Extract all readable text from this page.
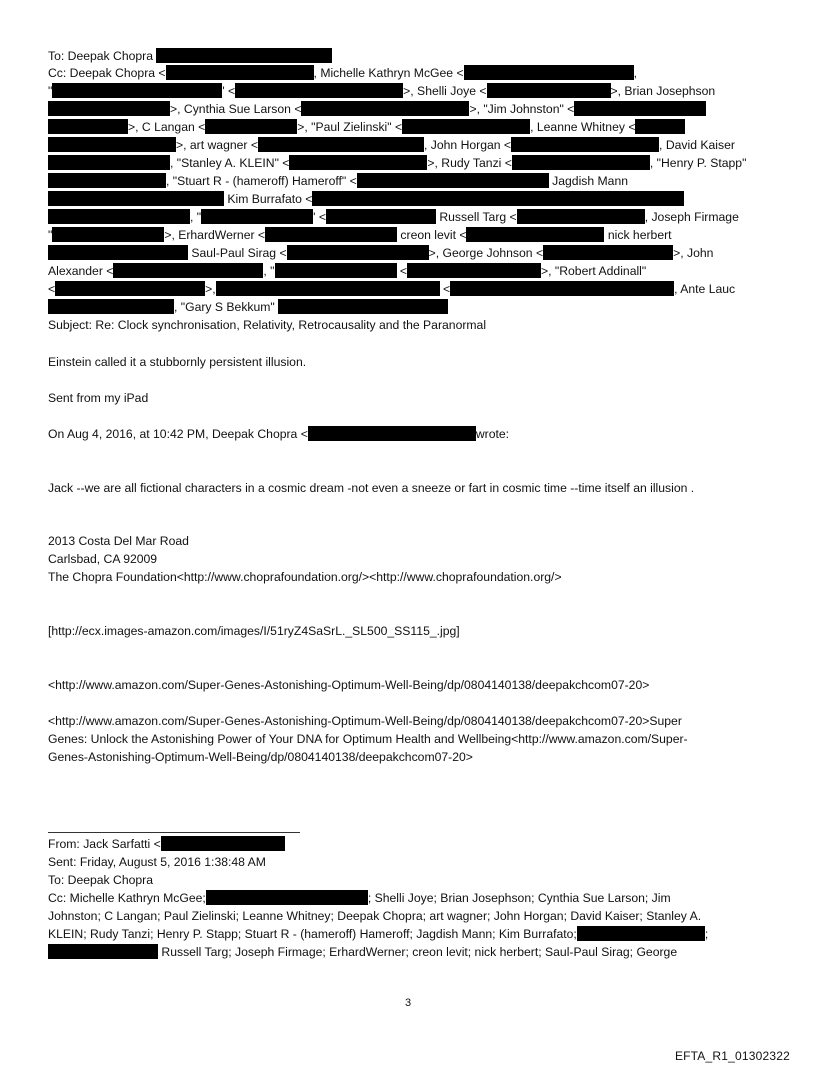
To: Deepak Chopra
Cc: Deepak Chopra <	, Michelle Kathryn McGee <	,
"	' <	>, Shelli Joye <	>, Brian Josephson
>, Cynthia Sue Larson <	>, "Jim Johnston" <
>, C Langan <	>, "Paul Zielinski" <	, Leanne Whitney <
>, art wagner <	, John Horgan <	, David Kaiser
, "Stanley A. KLEIN" <	>, Rudy Tanzi <	, "Henry P. Stapp"
, "Stuart R - (hameroff) Hameroff" <	Jagdish Mann
Kim Burrafato <
, "	' <	Russell Targ <	, Joseph Firmage
"	>, ErhardWerner <	creon levit <	nick herbert
Saul-Paul Sirag <	>, George Johnson <	>, John
Alexander <	, "	<	>, "Robert Addinall"
<	>,	<	, Ante Lauc
, "Gary S Bekkum"
Subject: Re: Clock synchronisation, Relativity, Retrocausality and the Paranormal
Einstein called it a stubbornly persistent illusion.
Sent from my iPad
On Aug 4, 2016, at 10:42 PM, Deepak Chopra <	wrote:
Jack --we are all fictional characters in a cosmic dream -not even a sneeze or fart in cosmic time --time itself an illusion .
2013 Costa Del Mar Road
Carlsbad, CA 92009
The Chopra Foundation<http://www.choprafoundation.org/><http://www.choprafoundation.org/>
[http://ecx.images-amazon.com/images/I/51ryZ4SaSrL._SL500_SS115_.jpg]
<http://www.amazon.com/Super-Genes-Astonishing-Optimum-Well-Being/dp/0804140138/deepakchcom07-20>
<http://www.amazon.com/Super-Genes-Astonishing-Optimum-Well-Being/dp/0804140138/deepakchcom07-20>Super
Genes: Unlock the Astonishing Power of Your DNA for Optimum Health and Wellbeing<http://www.amazon.com/Super-
Genes-Astonishing-Optimum-Well-Being/dp/0804140138/deepakchcom07-20>
From: Jack Sarfatti <
Sent: Friday, August 5, 2016 1:38:48 AM
To: Deepak Chopra
Cc: Michelle Kathryn McGee;	; Shelli Joye; Brian Josephson; Cynthia Sue Larson; Jim
Johnston; C Langan; Paul Zielinski; Leanne Whitney; Deepak Chopra; art wagner; John Horgan; David Kaiser; Stanley A.
KLEIN; Rudy Tanzi; Henry P. Stapp; Stuart R - (hameroff) Hameroff; Jagdish Mann; Kim Burrafato;	;
Russell Targ; Joseph Firmage; ErhardWerner; creon levit; nick herbert; Saul-Paul Sirag; George
3
EFTA_R1_01302322
